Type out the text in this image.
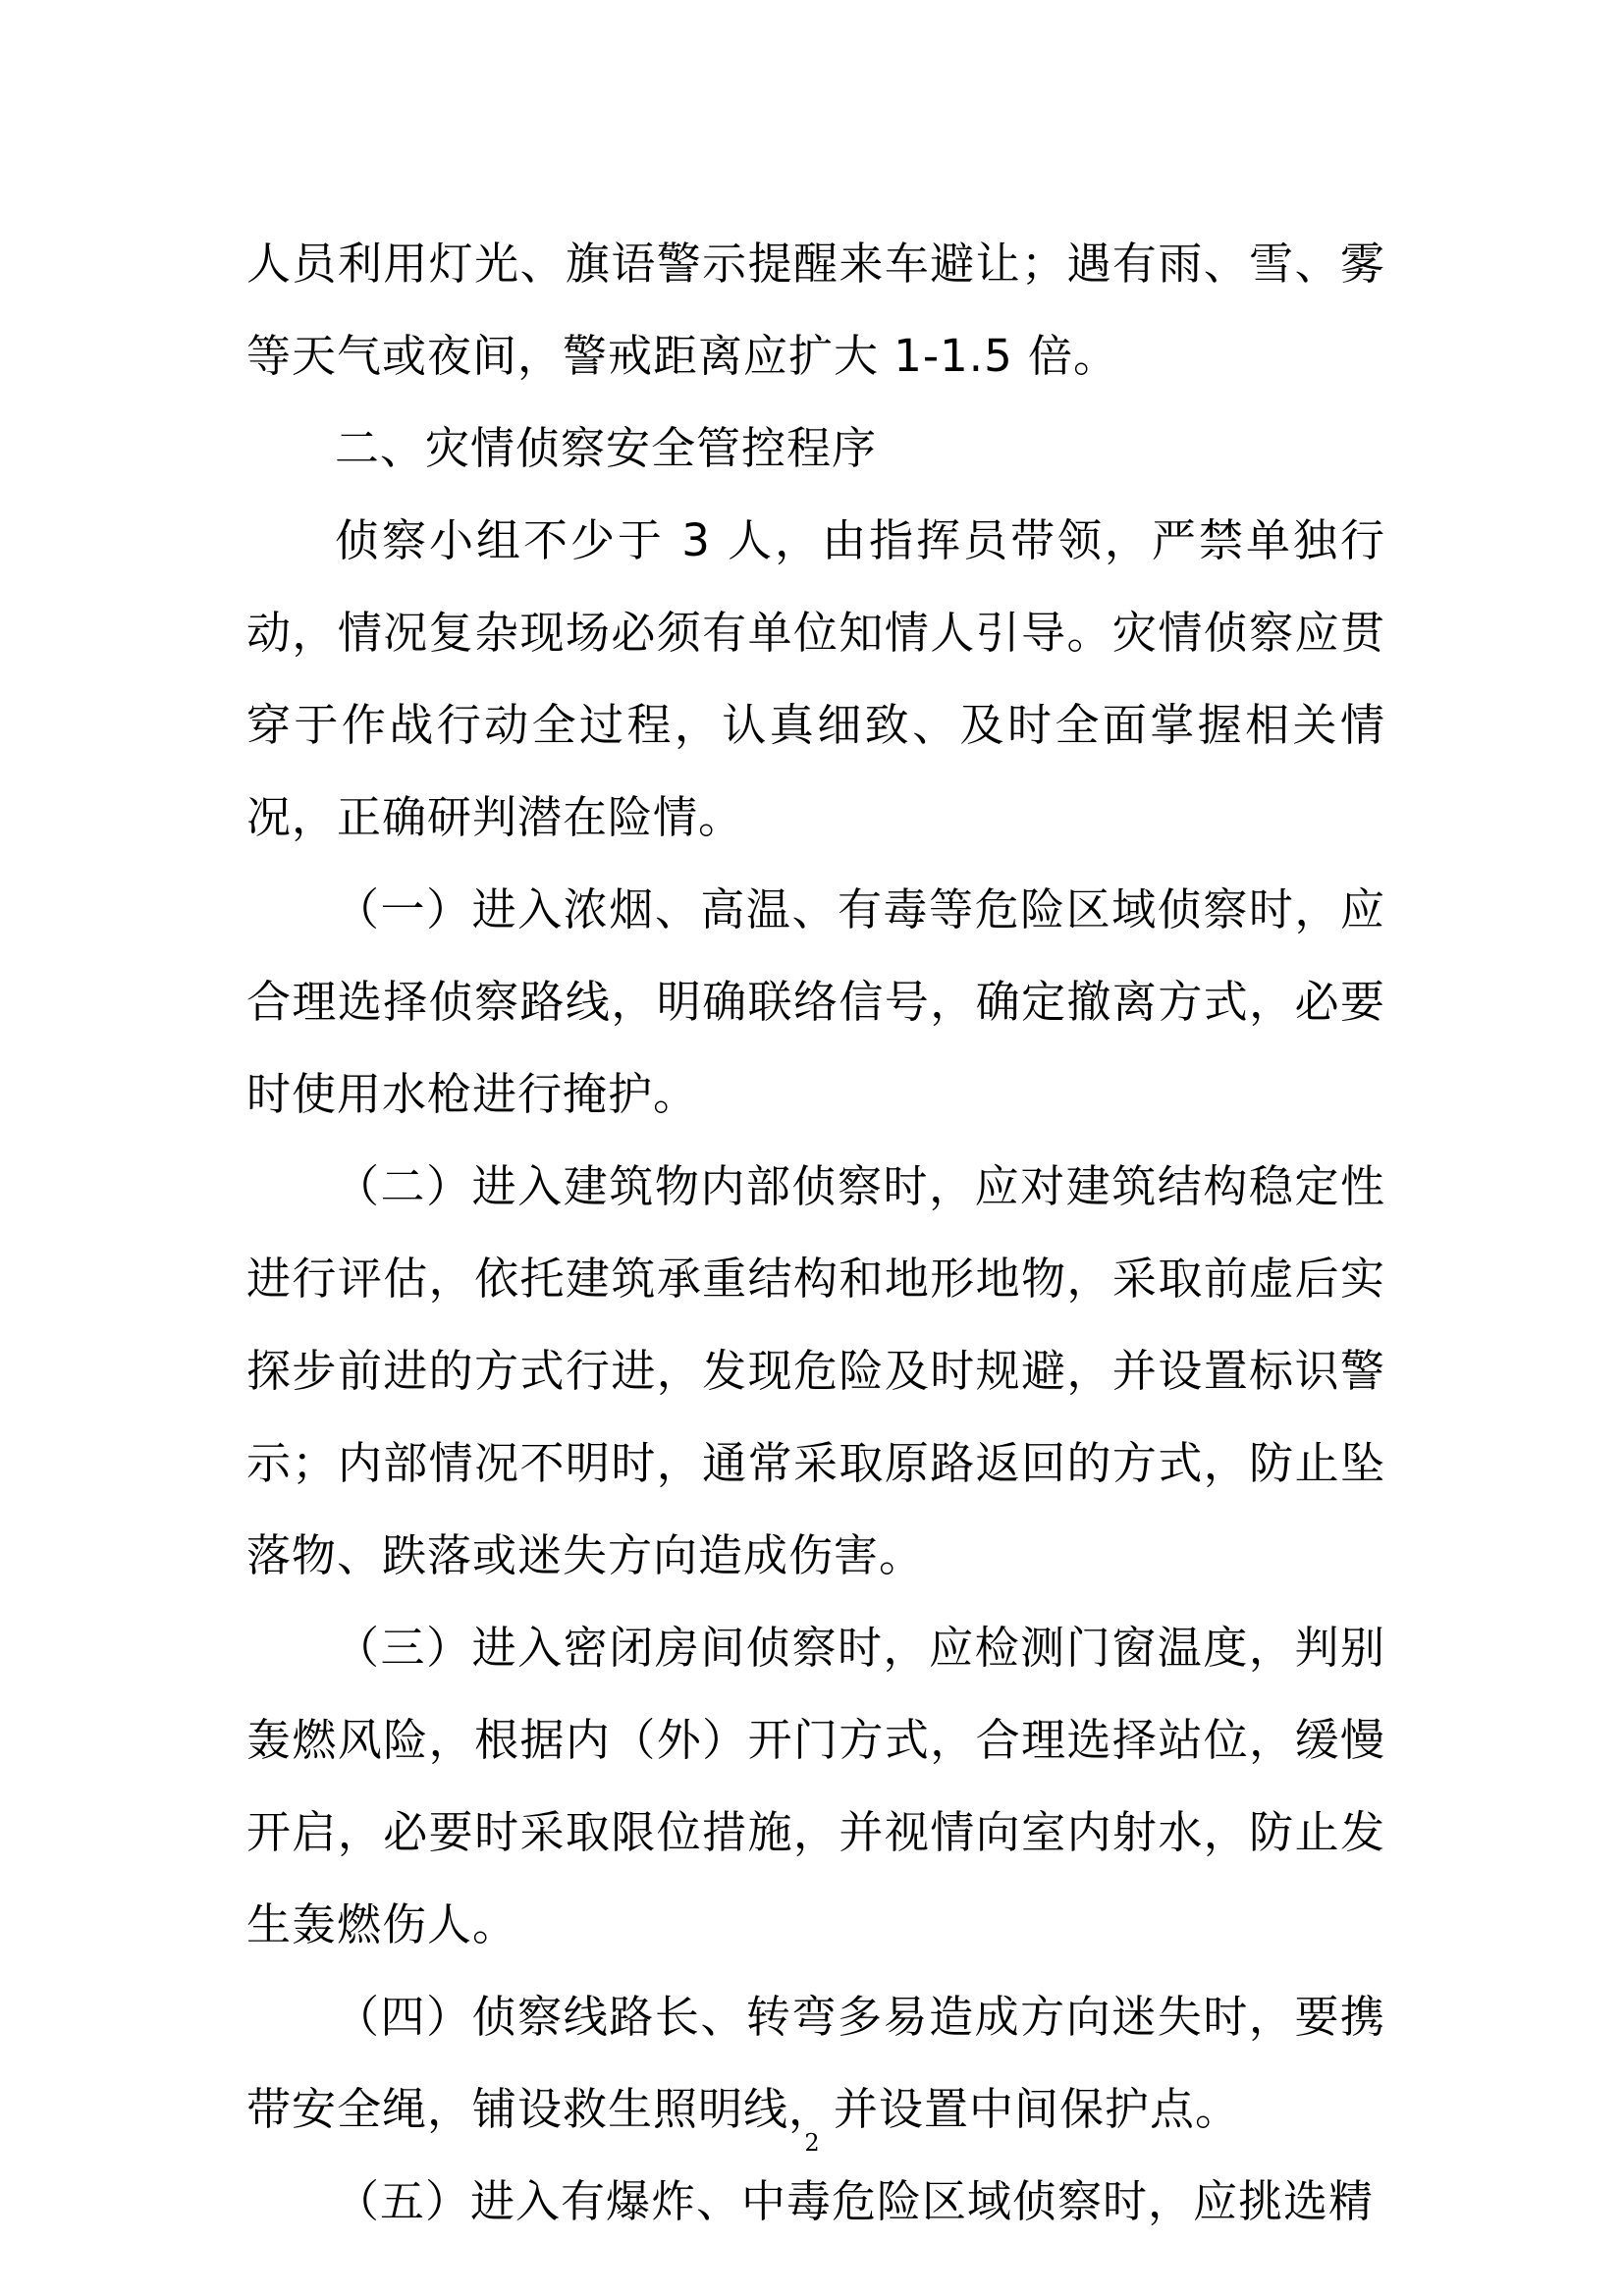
人员利用灯光、旗语警示提醒来车避让；遇有雨、雪、雾等天气或夜间，警戒距离应扩大 1-1.5 倍。

二、灾情侦察安全管控程序

侦察小组不少于 3 人，由指挥员带领，严禁单独行动，情况复杂现场必须有单位知情人引导。灾情侦察应贯穿于作战行动全过程，认真细致、及时全面掌握相关情况，正确研判潜在险情。

（一）进入浓烟、高温、有毒等危险区域侦察时，应合理选择侦察路线，明确联络信号，确定撤离方式，必要时使用水枪进行掩护。

（二）进入建筑物内部侦察时，应对建筑结构稳定性进行评估，依托建筑承重结构和地形地物，采取前虚后实探步前进的方式行进，发现危险及时规避，并设置标识警示；内部情况不明时，通常采取原路返回的方式，防止坠落物、跌落或迷失方向造成伤害。

（三）进入密闭房间侦察时，应检测门窗温度，判别轰燃风险，根据内（外）开门方式，合理选择站位，缓慢开启，必要时采取限位措施，并视情向室内射水，防止发生轰燃伤人。

（四）侦察线路长、转弯多易造成方向迷失时，要携带安全绳，铺设救生照明线，并设置中间保护点。

（五）进入有爆炸、中毒危险区域侦察时，应挑选精

2
